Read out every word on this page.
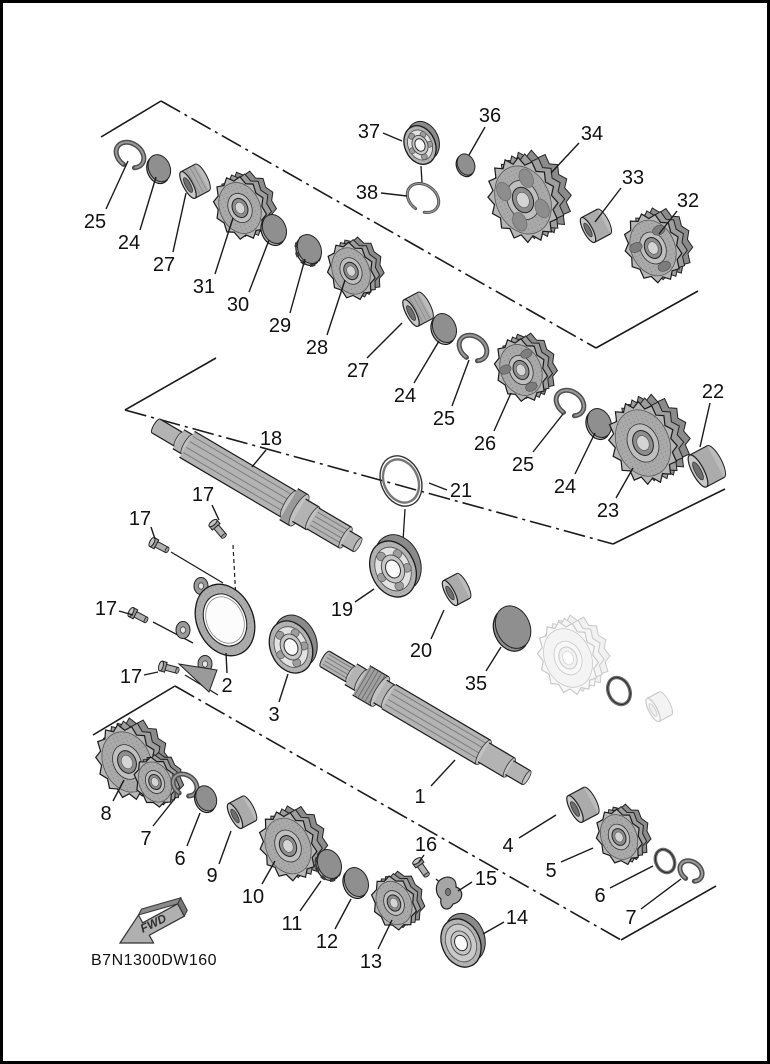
25
24
27
31
30
29
28
37
38
36
34
33
32
18
27
24
25
26
25
24
23
22
21
19
20
35
2
3
1
17
17
17
17
8
7
6
9
10
11
12
13
16
15
14
4
5
6
7
FWD
B7N1300DW160
